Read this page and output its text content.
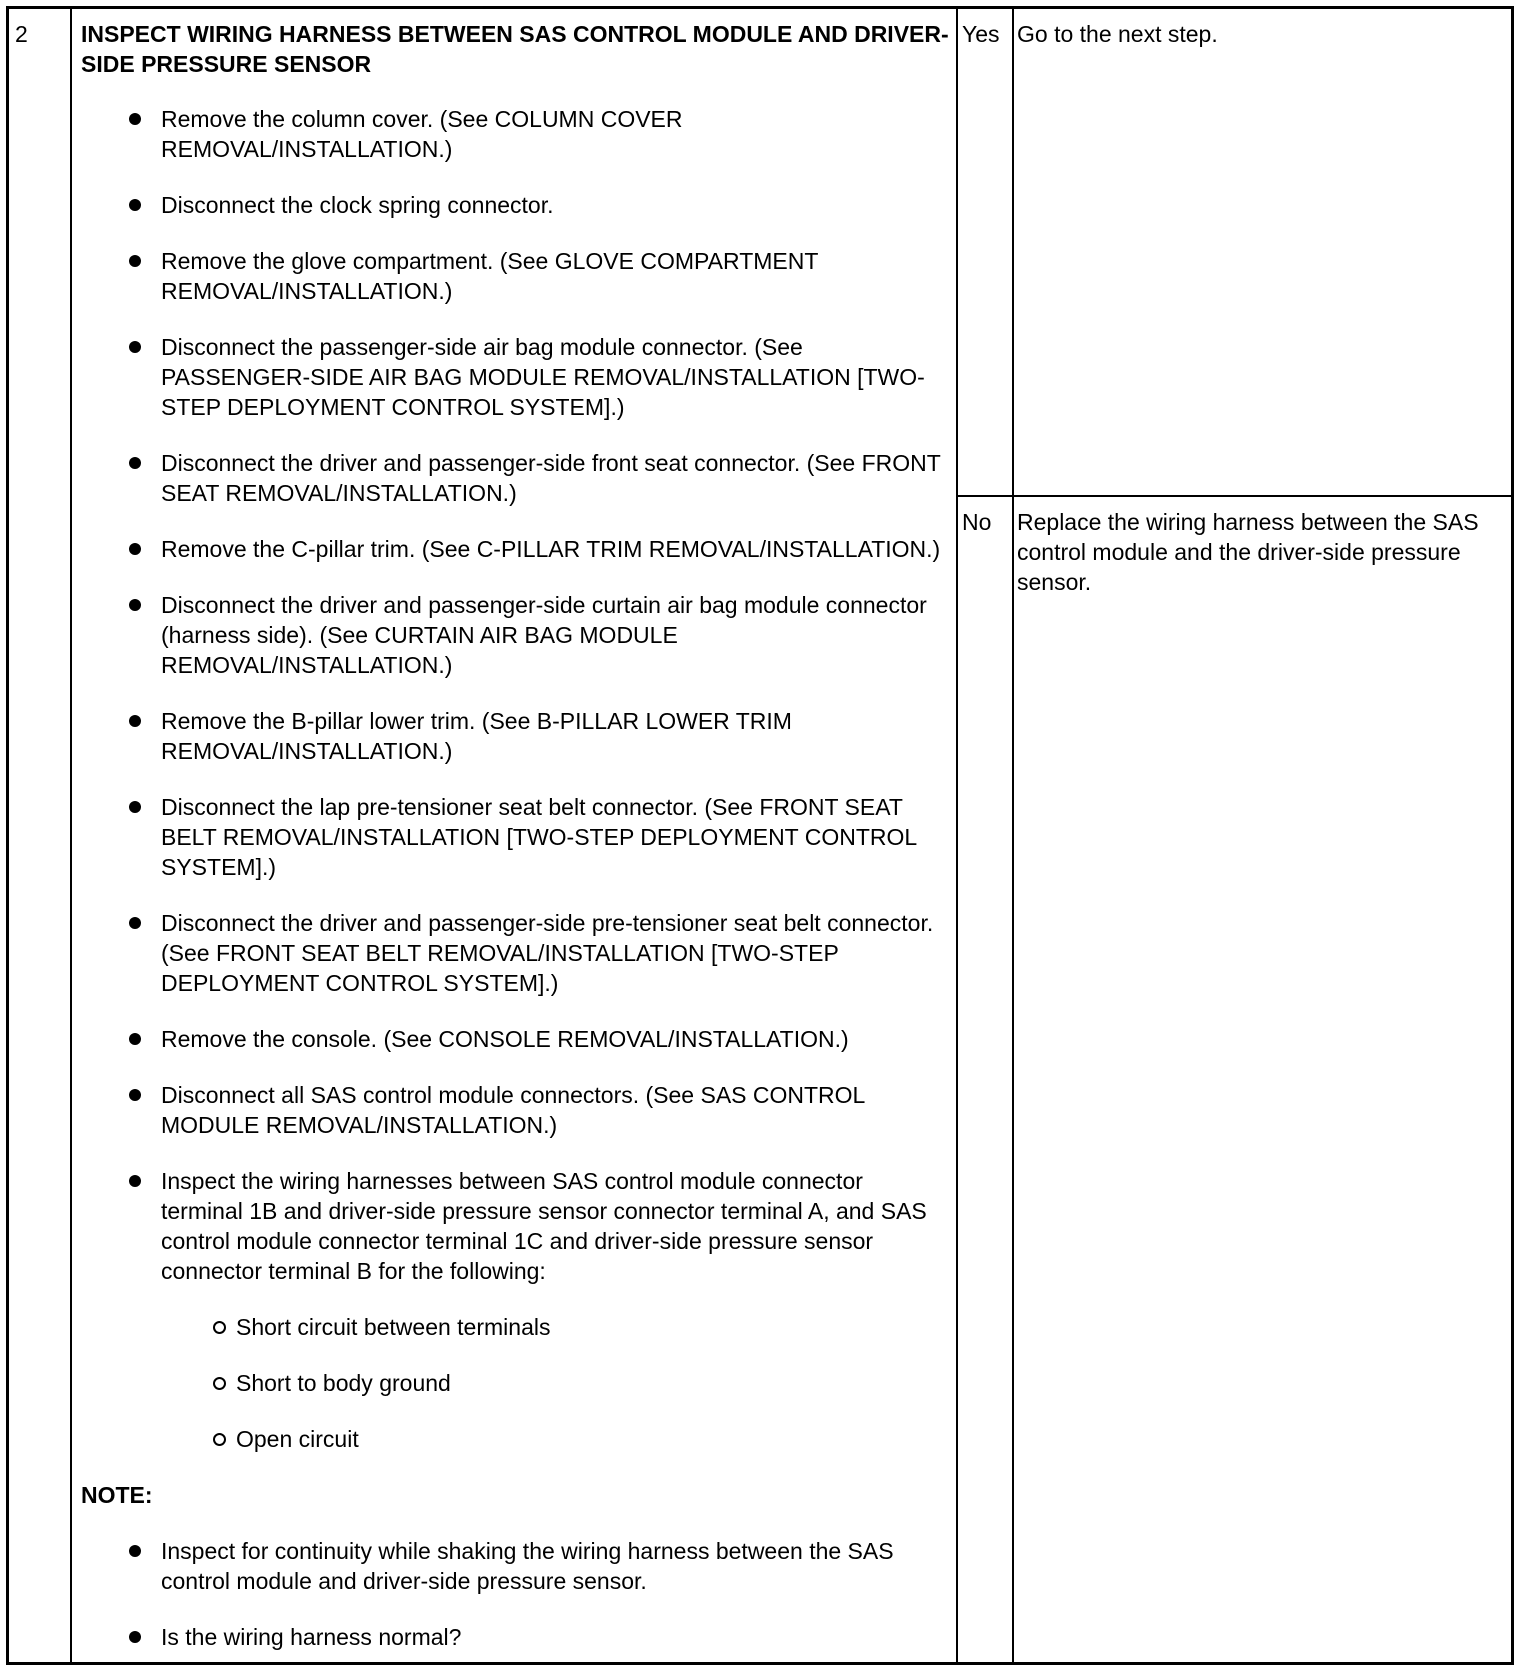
2 INSPECT WIRING HARNESS BETWEEN SAS CONTROL MODULE AND DRIVER-SIDE PRESSURE SENSOR
Remove the column cover. (See COLUMN COVER REMOVAL/INSTALLATION.)
Disconnect the clock spring connector.
Remove the glove compartment. (See GLOVE COMPARTMENT REMOVAL/INSTALLATION.)
Disconnect the passenger-side air bag module connector. (See PASSENGER-SIDE AIR BAG MODULE REMOVAL/INSTALLATION [TWO-STEP DEPLOYMENT CONTROL SYSTEM].)
Disconnect the driver and passenger-side front seat connector. (See FRONT SEAT REMOVAL/INSTALLATION.)
Remove the C-pillar trim. (See C-PILLAR TRIM REMOVAL/INSTALLATION.)
Disconnect the driver and passenger-side curtain air bag module connector (harness side). (See CURTAIN AIR BAG MODULE REMOVAL/INSTALLATION.)
Remove the B-pillar lower trim. (See B-PILLAR LOWER TRIM REMOVAL/INSTALLATION.)
Disconnect the lap pre-tensioner seat belt connector. (See FRONT SEAT BELT REMOVAL/INSTALLATION [TWO-STEP DEPLOYMENT CONTROL SYSTEM].)
Disconnect the driver and passenger-side pre-tensioner seat belt connector. (See FRONT SEAT BELT REMOVAL/INSTALLATION [TWO-STEP DEPLOYMENT CONTROL SYSTEM].)
Remove the console. (See CONSOLE REMOVAL/INSTALLATION.)
Disconnect all SAS control module connectors. (See SAS CONTROL MODULE REMOVAL/INSTALLATION.)
Inspect the wiring harnesses between SAS control module connector terminal 1B and driver-side pressure sensor connector terminal A, and SAS control module connector terminal 1C and driver-side pressure sensor connector terminal B for the following:
Short circuit between terminals
Short to body ground
Open circuit
NOTE:
Inspect for continuity while shaking the wiring harness between the SAS control module and driver-side pressure sensor.
Is the wiring harness normal?
Yes Go to the next step.
No Replace the wiring harness between the SAS control module and the driver-side pressure sensor.
